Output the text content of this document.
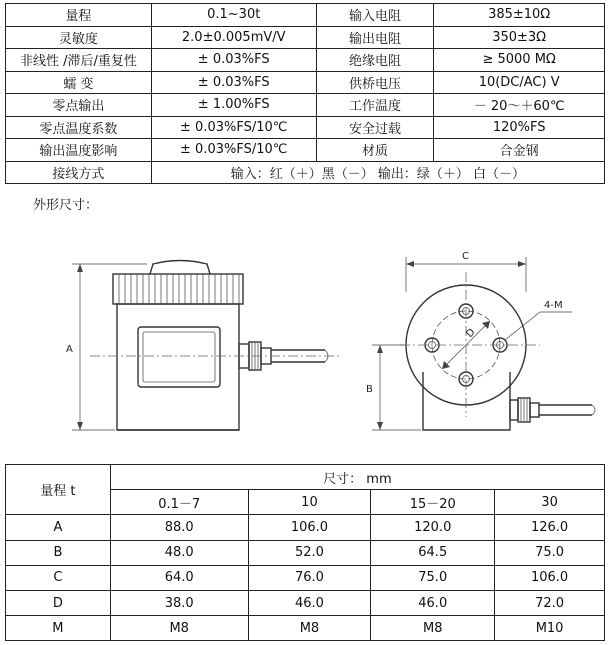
量程	0.1~30t	输入电阻	385±10Ω
灵敏度	2.0±0.005mV/V	输出电阻	350±3Ω
非线性 /滞后/重复性	± 0.03%FS	绝缘电阻	≥ 5000 MΩ
蠕 变	± 0.03%FS	供桥电压	10(DC/AC) V
零点输出	± 1.00%FS	工作温度	－ 20～＋60℃
零点温度系数	± 0.03%FS/10℃	安全过载	120%FS
输出温度影响	± 0.03%FS/10℃	材质	合金钢
接线方式	输入：红（＋）黑（－） 输出：绿（＋） 白（－）		
外形尺寸：
A
D
4-M
C
B
量程 t	尺寸： mm			
	0.1－7	10	15－20	30
A	88.0	106.0	120.0	126.0
B	48.0	52.0	64.5	75.0
C	64.0	76.0	75.0	106.0
D	38.0	46.0	46.0	72.0
M	M8	M8	M8	M10
